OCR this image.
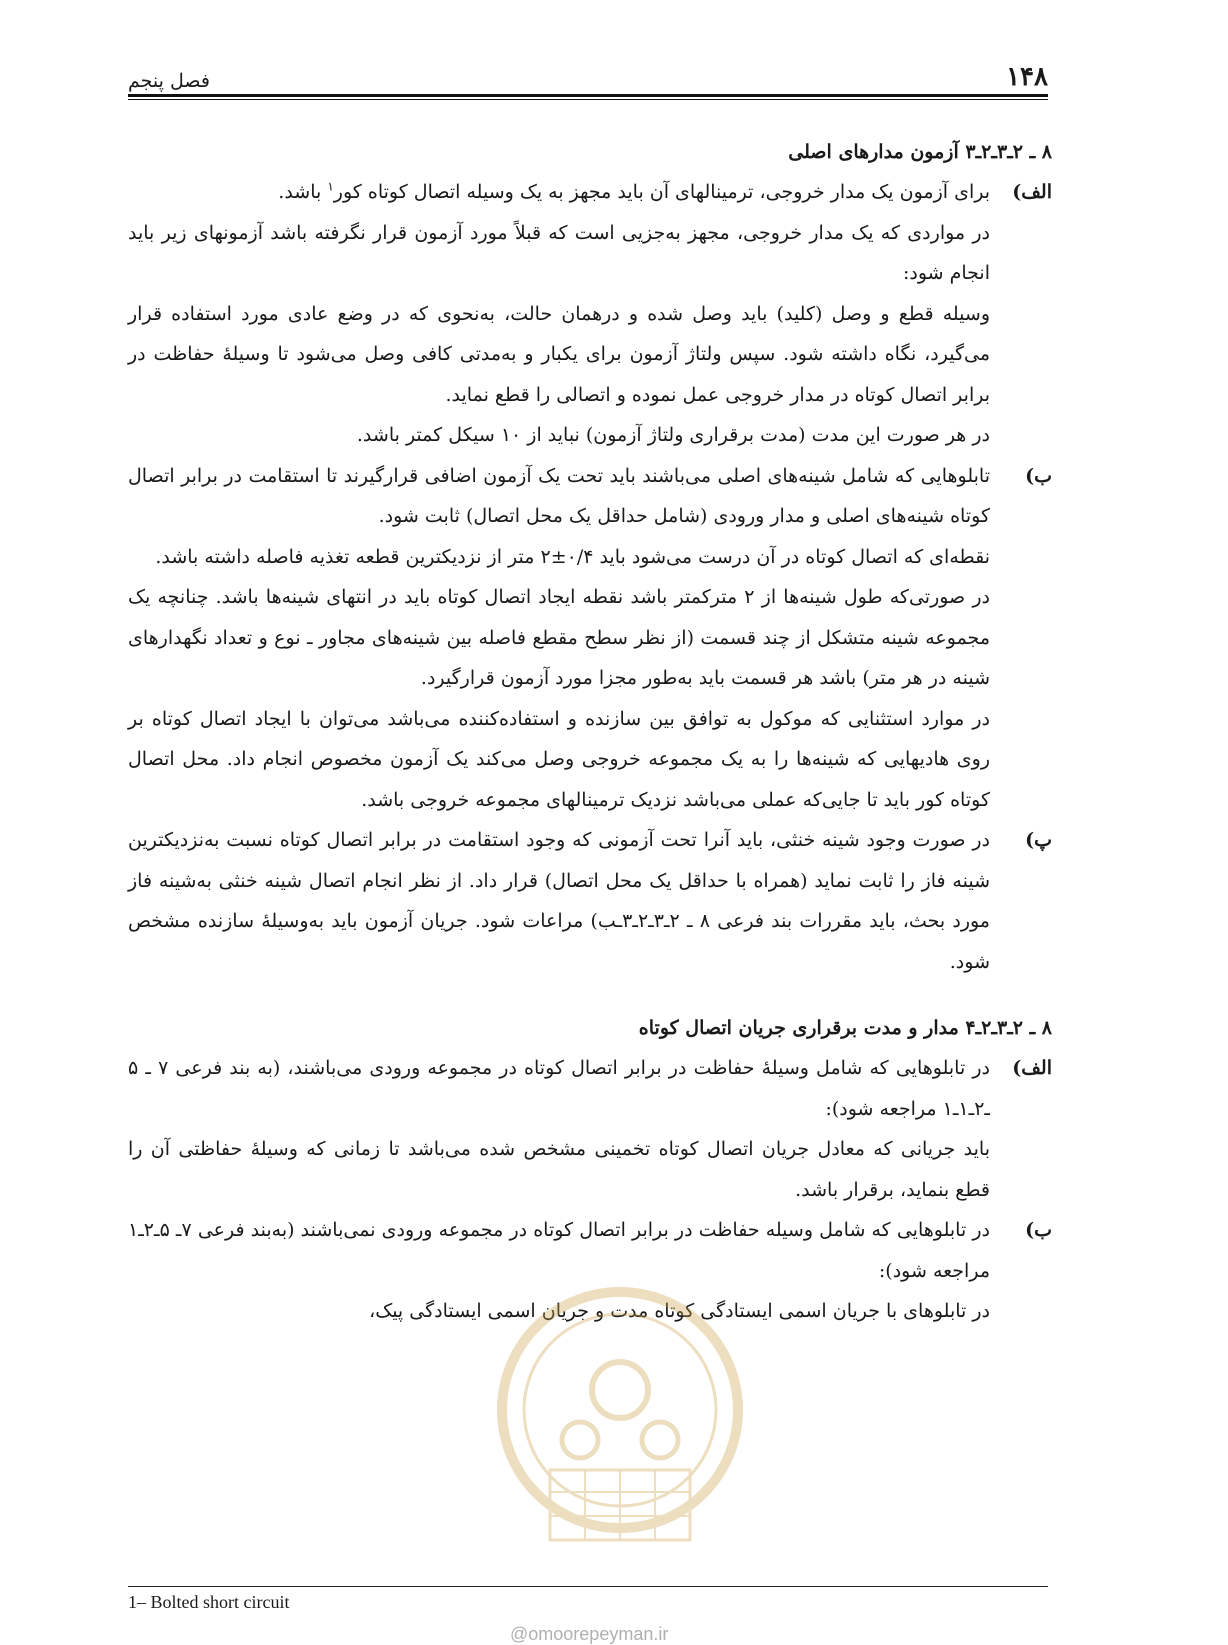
۱۴۸
فصل پنجم
۸ ـ ۲ـ۳ـ۲ـ۳ آزمون مدارهای اصلی
الف)

برای آزمون یک مدار خروجی، ترمینالهای آن باید مجهز به یک وسیله اتصال کوتاه کور$^۱$ باشد.

در مواردی که یک مدار خروجی، مجهز به‌جزیی است که قبلاً مورد آزمون قرار نگرفته باشد آزمونهای زیر باید انجام شود:

وسیله قطع و وصل (کلید) باید وصل شده و درهمان حالت، به‌نحوی که در وضع عادی مورد استفاده قرار می‌گیرد، نگاه داشته شود. سپس ولتاژ آزمون برای یکبار و به‌مدتی کافی وصل می‌شود تا وسیلهٔ حفاظت در برابر اتصال کوتاه در مدار خروجی عمل نموده و اتصالی را قطع نماید.

در هر صورت این مدت (مدت برقراری ولتاژ آزمون) نباید از ۱۰ سیکل کمتر باشد.

ب)

تابلوهایی که شامل شینه‌های اصلی می‌باشند باید تحت یک آزمون اضافی قرارگیرند تا استقامت در برابر اتصال کوتاه شینه‌های اصلی و مدار ورودی (شامل حداقل یک محل اتصال) ثابت شود.

نقطه‌ای که اتصال کوتاه در آن درست می‌شود باید ۰/۴±۲ متر از نزدیکترین قطعه تغذیه فاصله داشته باشد.

در صورتی‌که طول شینه‌ها از ۲ مترکمتر باشد نقطه ایجاد اتصال کوتاه باید در انتهای شینه‌ها باشد. چنانچه یک مجموعه شینه متشکل از چند قسمت (از نظر سطح مقطع فاصله بین شینه‌های مجاور ـ نوع و تعداد نگهدارهای شینه در هر متر) باشد هر قسمت باید به‌طور مجزا مورد آزمون قرارگیرد.

در موارد استثنایی که موکول به توافق بین سازنده و استفاده‌کننده می‌باشد می‌توان با ایجاد اتصال کوتاه بر روی هادیهایی که شینه‌ها را به یک مجموعه خروجی وصل می‌کند یک آزمون مخصوص انجام داد. محل اتصال کوتاه کور باید تا جایی‌که عملی می‌باشد نزدیک ترمینالهای مجموعه خروجی باشد.

پ)

در صورت وجود شینه خنثی، باید آنرا تحت آزمونی که وجود استقامت در برابر اتصال کوتاه نسبت به‌نزدیکترین شینه فاز را ثابت نماید (همراه با حداقل یک محل اتصال) قرار داد. از نظر انجام اتصال شینه خنثی به‌شینه فاز مورد بحث، باید مقررات بند فرعی ۸ ـ ۲ـ۳ـ۲ـ۳ـب) مراعات شود. جریان آزمون باید به‌وسیلهٔ سازنده مشخص شود.

۸ ـ ۲ـ۳ـ۲ـ۴ مدار و مدت برقراری جریان اتصال کوتاه
الف)

در تابلوهایی که شامل وسیلهٔ حفاظت در برابر اتصال کوتاه در مجموعه ورودی می‌باشند، (به بند فرعی ۷ ـ ۵ ـ۲ـ۱ـ۱ مراجعه شود):

باید جریانی که معادل جریان اتصال کوتاه تخمینی مشخص شده می‌باشد تا زمانی که وسیلهٔ حفاظتی آن را قطع بنماید، برقرار باشد.

ب)

در تابلوهایی که شامل وسیله حفاظت در برابر اتصال کوتاه در مجموعه ورودی نمی‌باشند (به‌بند فرعی ۷ـ ۵ـ۲ـ۱ مراجعه شود):

در تابلوهای با جریان اسمی ایستادگی کوتاه مدت و جریان اسمی ایستادگی پیک،

1– Bolted short circuit
@omoorepeyman.ir
